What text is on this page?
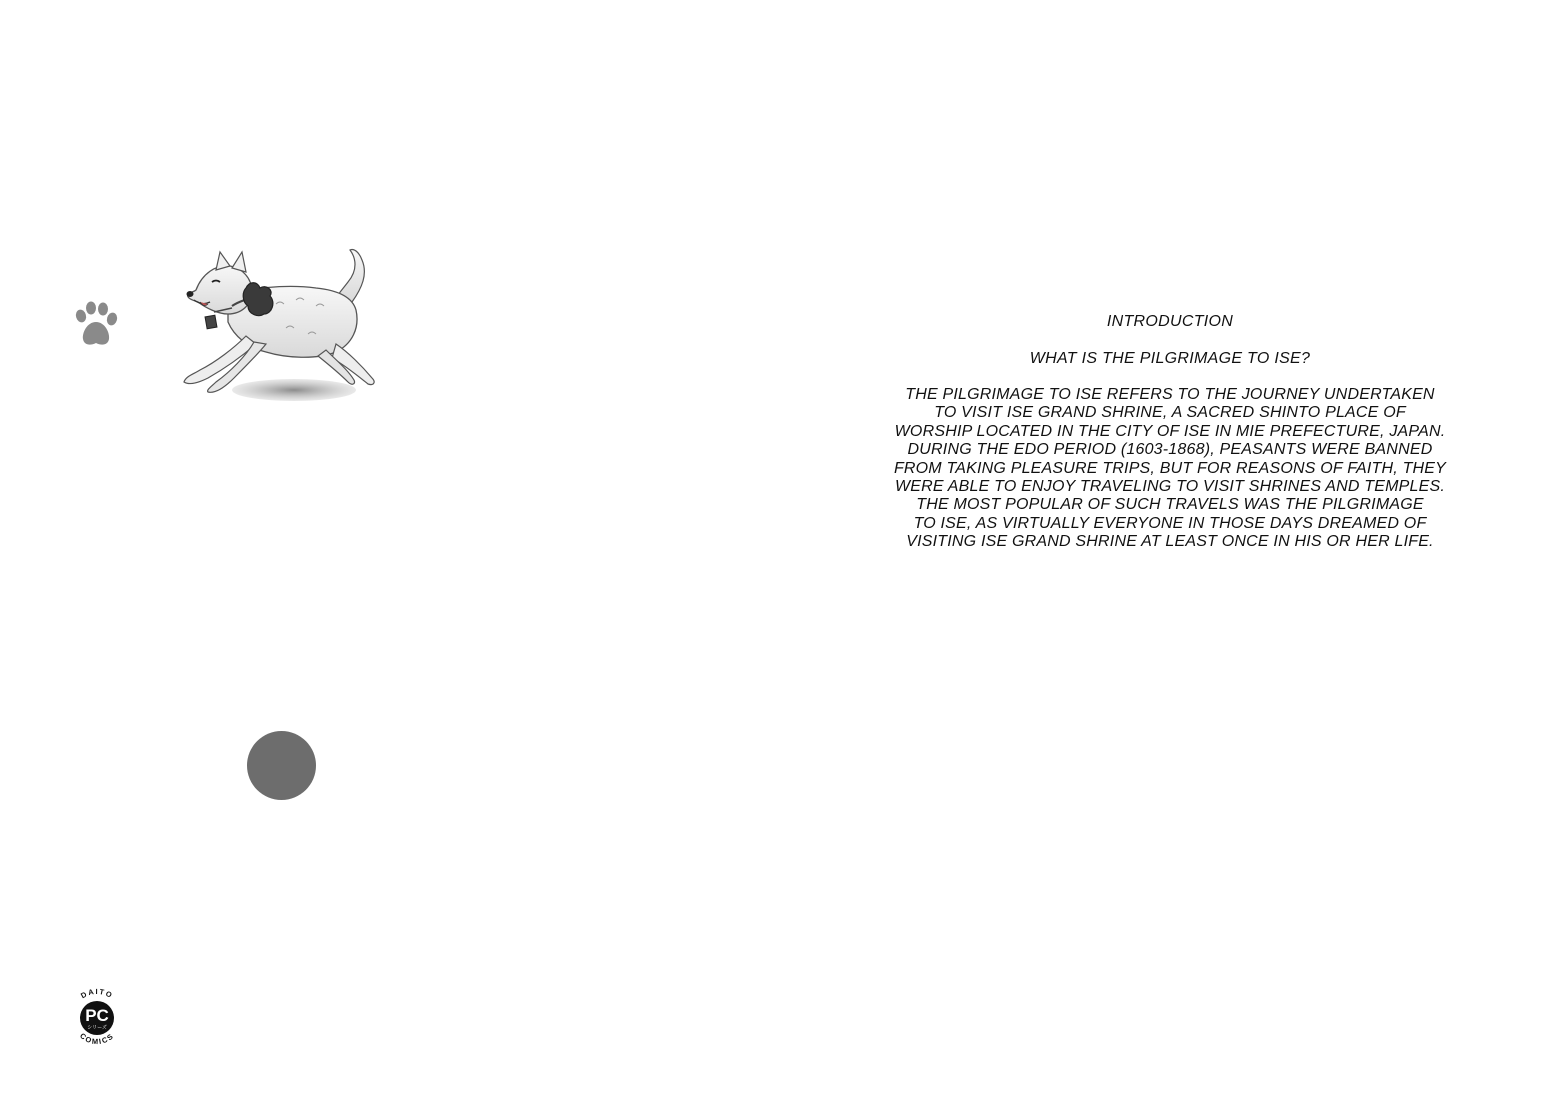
DAITO
COMICS
PC
シリーズ

INTRODUCTION

WHAT IS THE PILGRIMAGE TO ISE?

THE PILGRIMAGE TO ISE REFERS TO THE JOURNEY UNDERTAKEN
TO VISIT ISE GRAND SHRINE, A SACRED SHINTO PLACE OF
WORSHIP LOCATED IN THE CITY OF ISE IN MIE PREFECTURE, JAPAN.
DURING THE EDO PERIOD (1603-1868), PEASANTS WERE BANNED
FROM TAKING PLEASURE TRIPS, BUT FOR REASONS OF FAITH, THEY
WERE ABLE TO ENJOY TRAVELING TO VISIT SHRINES AND TEMPLES.
THE MOST POPULAR OF SUCH TRAVELS WAS THE PILGRIMAGE
TO ISE, AS VIRTUALLY EVERYONE IN THOSE DAYS DREAMED OF
VISITING ISE GRAND SHRINE AT LEAST ONCE IN HIS OR HER LIFE.
